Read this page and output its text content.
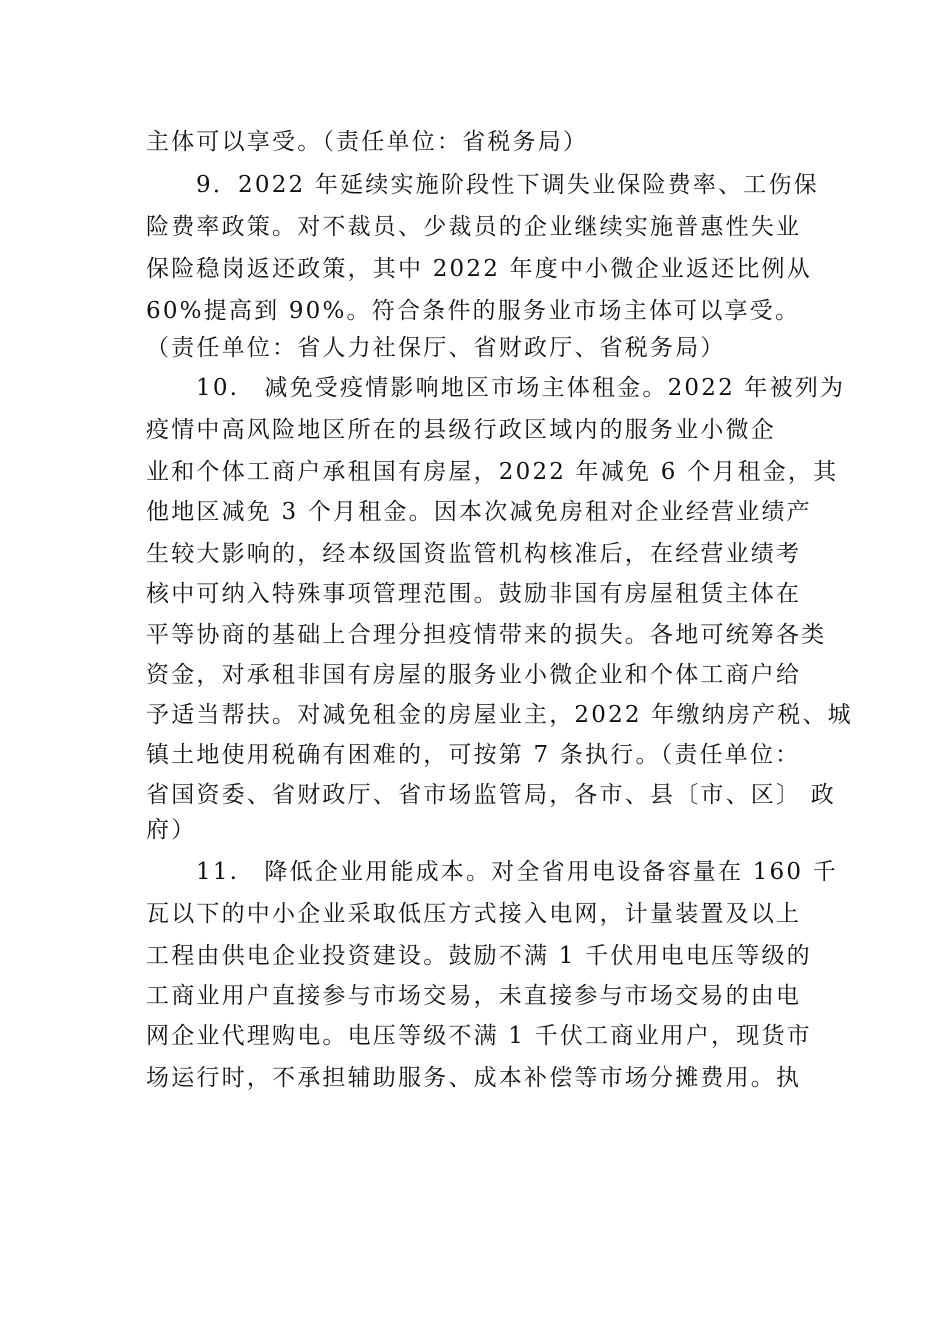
主体可以享受。（责任单位：省税务局）
9．2022 年延续实施阶段性下调失业保险费率、工伤保
险费率政策。对不裁员、少裁员的企业继续实施普惠性失业
保险稳岗返还政策，其中 2022 年度中小微企业返还比例从
60%提高到 90%。符合条件的服务业市场主体可以享受。
（责任单位：省人力社保厅、省财政厅、省税务局）
10.　减免受疫情影响地区市场主体租金。2022 年被列为
疫情中高风险地区所在的县级行政区域内的服务业小微企
业和个体工商户承租国有房屋，2022 年减免 6 个月租金，其
他地区减免 3 个月租金。因本次减免房租对企业经营业绩产
生较大影响的，经本级国资监管机构核准后，在经营业绩考
核中可纳入特殊事项管理范围。鼓励非国有房屋租赁主体在
平等协商的基础上合理分担疫情带来的损失。各地可统筹各类
资金，对承租非国有房屋的服务业小微企业和个体工商户给
予适当帮扶。对减免租金的房屋业主，2022 年缴纳房产税、城
镇土地使用税确有困难的，可按第 7 条执行。（责任单位：
省国资委、省财政厅、省市场监管局，各市、县〔市、区〕 政
府）
11.　降低企业用能成本。对全省用电设备容量在 160 千
瓦以下的中小企业采取低压方式接入电网，计量装置及以上
工程由供电企业投资建设。鼓励不满 1 千伏用电电压等级的
工商业用户直接参与市场交易，未直接参与市场交易的由电
网企业代理购电。电压等级不满 1 千伏工商业用户，现货市
场运行时，不承担辅助服务、成本补偿等市场分摊费用。执
